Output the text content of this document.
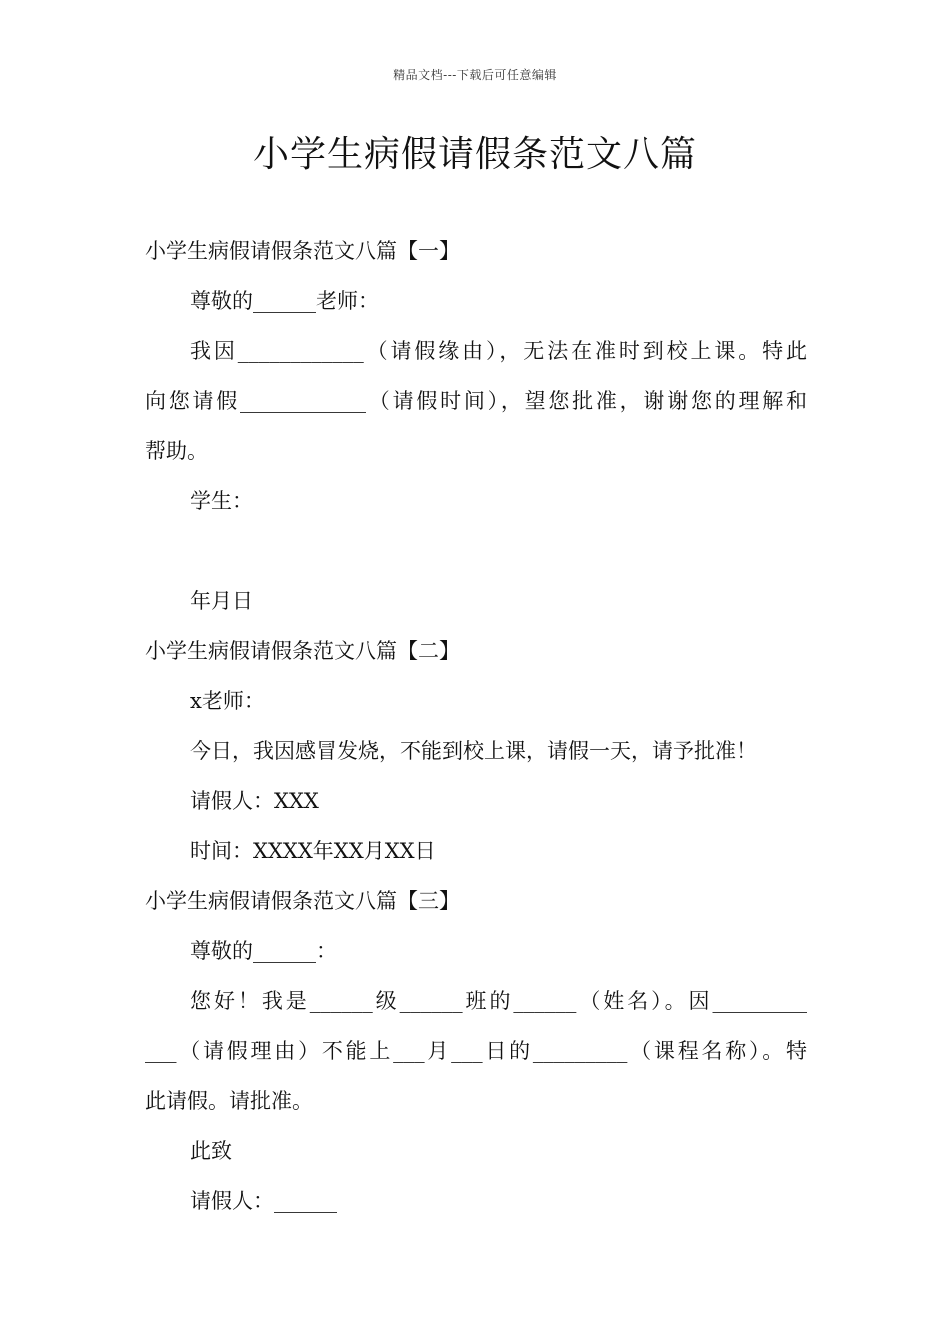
精品文档---下载后可任意编辑
小学生病假请假条范文八篇
小学生病假请假条范文八篇【一】
尊敬的______老师：
我因____________（请假缘由），无法在准时到校上课。特此
向您请假____________（请假时间），望您批准，谢谢您的理解和
帮助。
学生：
年月日
小学生病假请假条范文八篇【二】
x老师：
今日，我因感冒发烧，不能到校上课，请假一天，请予批准！
请假人：XXX
时间：XXXX年XX月XX日
小学生病假请假条范文八篇【三】
尊敬的______：
您好！我是______级______班的______（姓名）。因_________
___（请假理由）不能上___月___日的_________（课程名称）。特
此请假。请批准。
此致
请假人：______
